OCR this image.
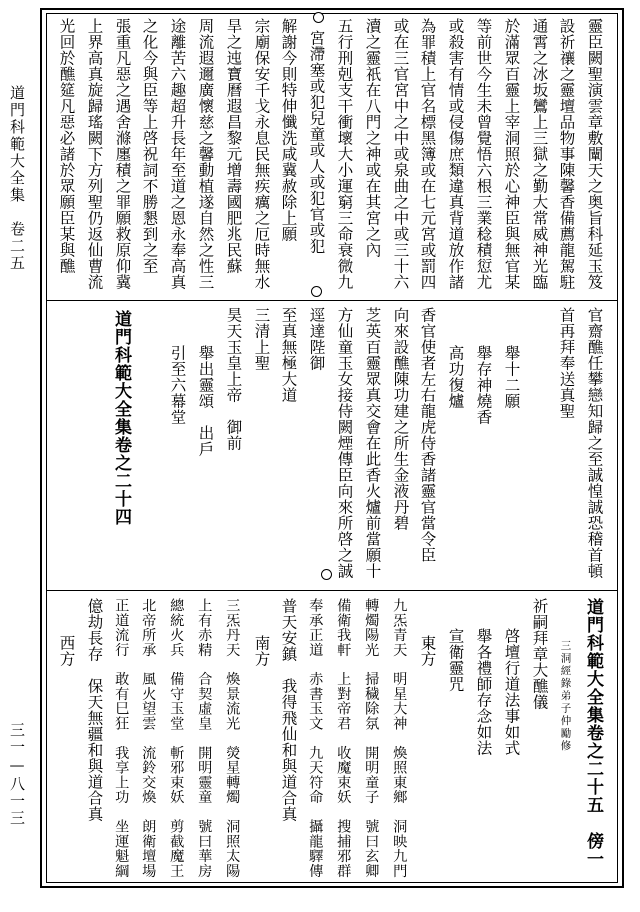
道門科範大全集　卷二五
三一—八一三
靈臣闕聖演雲章敷闡天之奥旨科延玉笈
設祈禳之靈壇品物事陳馨香備薦龍駕駐
通霄之冰坂鸞上三獄之勤大常威神光臨
於滿眾百靈上宰洞照於心神臣與無官某
等前世今生未曾覺悟六根三業稔積愆尤
或殺害有情或侵傷庶類違真背道放作諸
為罪積上官名標黑簿或在七元宮或罰四
或在三官宮中之中或泉曲之中或三十六
瀆之靈祇在八門之神或在其宮之內
五行刑剋支干衝壞大小運窮三命衰微九
宮滯塞或犯兒童或人或犯官或犯
解謝今則特伸懺洗咸冀赦除上願
宗廟保安千戈永息民無疾癘之厄時無水
旱之迍寶曆遐昌黎元增壽國肥兆民蘇
周流遐邇廣懷慈之馨動植遂自然之性三
途離苦六趣超升長年至道之恩永奉高真
之化今與臣等上啓祝詞不勝懇到之至
張重凡惡之遇舍滌廛積之罪願救原仰冀
上界高真旋歸瑤闕下方列聖仍返仙曹流
光回於醮筵凡惡必諸於眾願臣某與醮
官齋醮任攀戀知歸之至誠惶誠恐稽首頓
首再拜奉送真聖
舉十二願
舉存神燒香
高功復爐
香官使者左右龍虎侍香諸靈官當令臣
向來設醮陳功建之所生金液丹碧
芝英百靈眾真交會在此香火爐前當願十
方仙童玉女接侍闕煙傳臣向來所啓之誠
逕達陛御
至真無極大道
三清上聖
昊天玉皇上帝　御前
舉出靈頌　出戶
引至六幕堂
道門科範大全集卷之二十四
道門科範大全集卷之二十五　傍一
三洞經錄弟子仲勵修
祈嗣拜章大醮儀
啓壇行道法事如式
舉各禮師存念如法
宣衛靈咒
東方
九炁青天　明星大神　煥照東鄉　洞映九門
轉燭陽光　掃穢除氛　開明童子　號曰玄卿
備衛我軒　上對帝君　收魔束妖　搜捕邪群
奉承正道　赤書玉文　九天符命　攝龍驛傳
普天安鎮　我得飛仙和與道合真
南方
三炁丹天　煥景流光　熒星轉燭　洞照太陽
上有赤精　合契虛皇　開明靈童　號曰華房
總統火兵　備守玉堂　斬邪束妖　剪截魔王
北帝所承　風火望雲　流鈴交煥　朗衛壇場
正道流行　敢有巳狂　我享上功　坐運魁綱
億劫長存　保天無疆和與道合真
西方
